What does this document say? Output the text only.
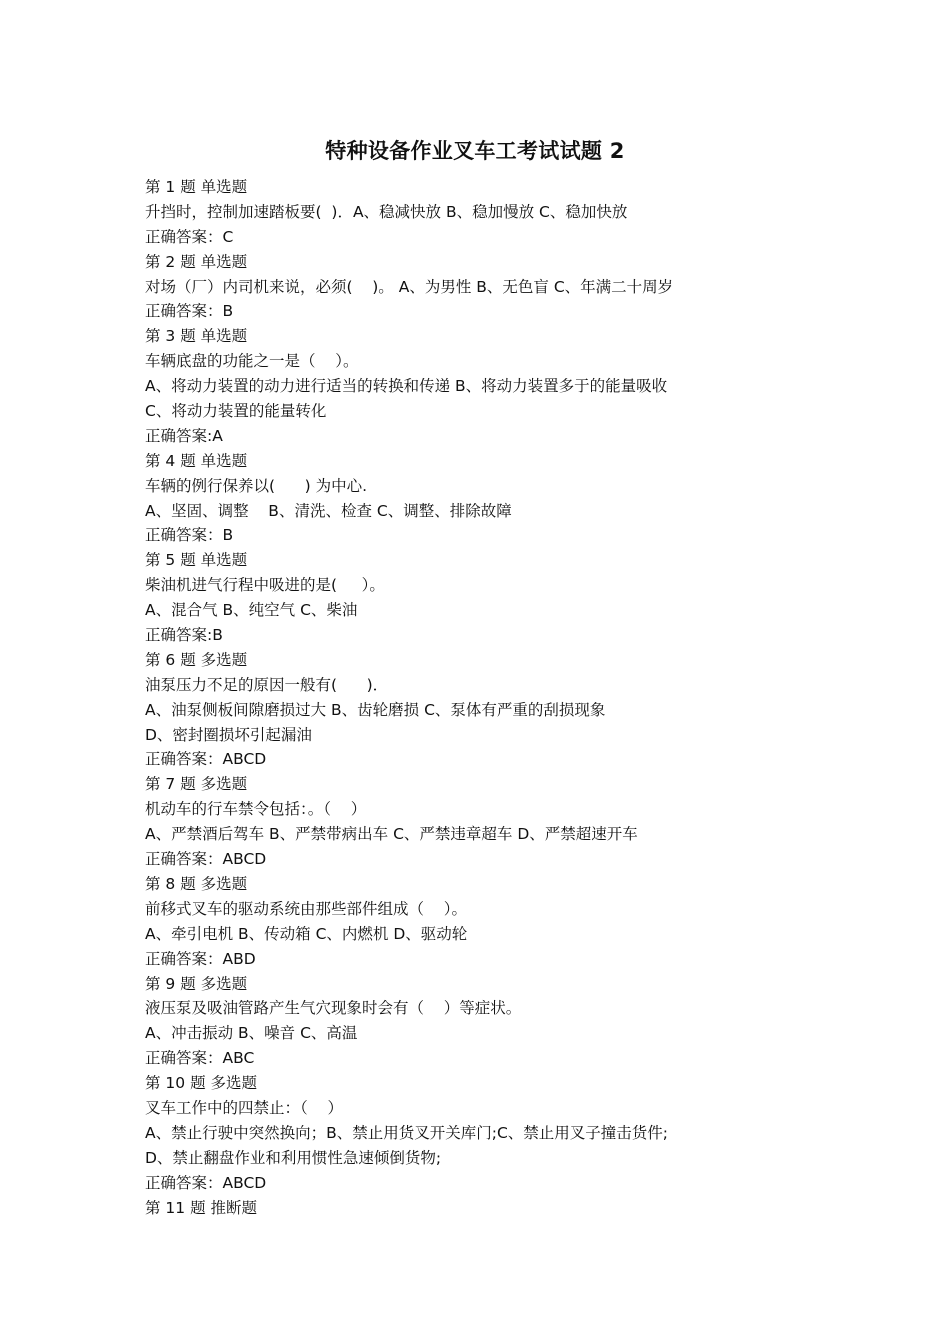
特种设备作业叉车工考试试题 2
第 1 题 单选题
升挡时，控制加速踏板要(  )．A、稳减快放 B、稳加慢放 C、稳加快放
正确答案：C
第 2 题 单选题
对场（厂）内司机来说，必须(    )。 A、为男性 B、无色盲 C、年满二十周岁
正确答案：B
第 3 题 单选题
车辆底盘的功能之一是（    ）。
A、将动力装置的动力进行适当的转换和传递 B、将动力装置多于的能量吸收
C、将动力装置的能量转化
正确答案:A
第 4 题 单选题
车辆的例行保养以(      ) 为中心.
A、坚固、调整    B、清洗、检查 C、调整、排除故障
正确答案：B
第 5 题 单选题
柴油机进气行程中吸进的是(     ）。
A、混合气 B、纯空气 C、柴油
正确答案:B
第 6 题 多选题
油泵压力不足的原因一般有(      )．
A、油泵侧板间隙磨损过大 B、齿轮磨损 C、泵体有严重的刮损现象
D、密封圈损坏引起漏油
正确答案：ABCD
第 7 题 多选题
机动车的行车禁令包括：。（    ）
A、严禁酒后驾车 B、严禁带病出车 C、严禁违章超车 D、严禁超速开车
正确答案：ABCD
第 8 题 多选题
前移式叉车的驱动系统由那些部件组成（    ）。
A、牵引电机 B、传动箱 C、内燃机 D、驱动轮
正确答案：ABD
第 9 题 多选题
液压泵及吸油管路产生气穴现象时会有（    ）等症状。
A、冲击振动 B、噪音 C、高温
正确答案：ABC
第 10 题 多选题
叉车工作中的四禁止：（    ）
A、禁止行驶中突然换向；B、禁止用货叉开关库门;C、禁止用叉子撞击货件;
D、禁止翻盘作业和利用惯性急速倾倒货物;
正确答案：ABCD
第 11 题 推断题
